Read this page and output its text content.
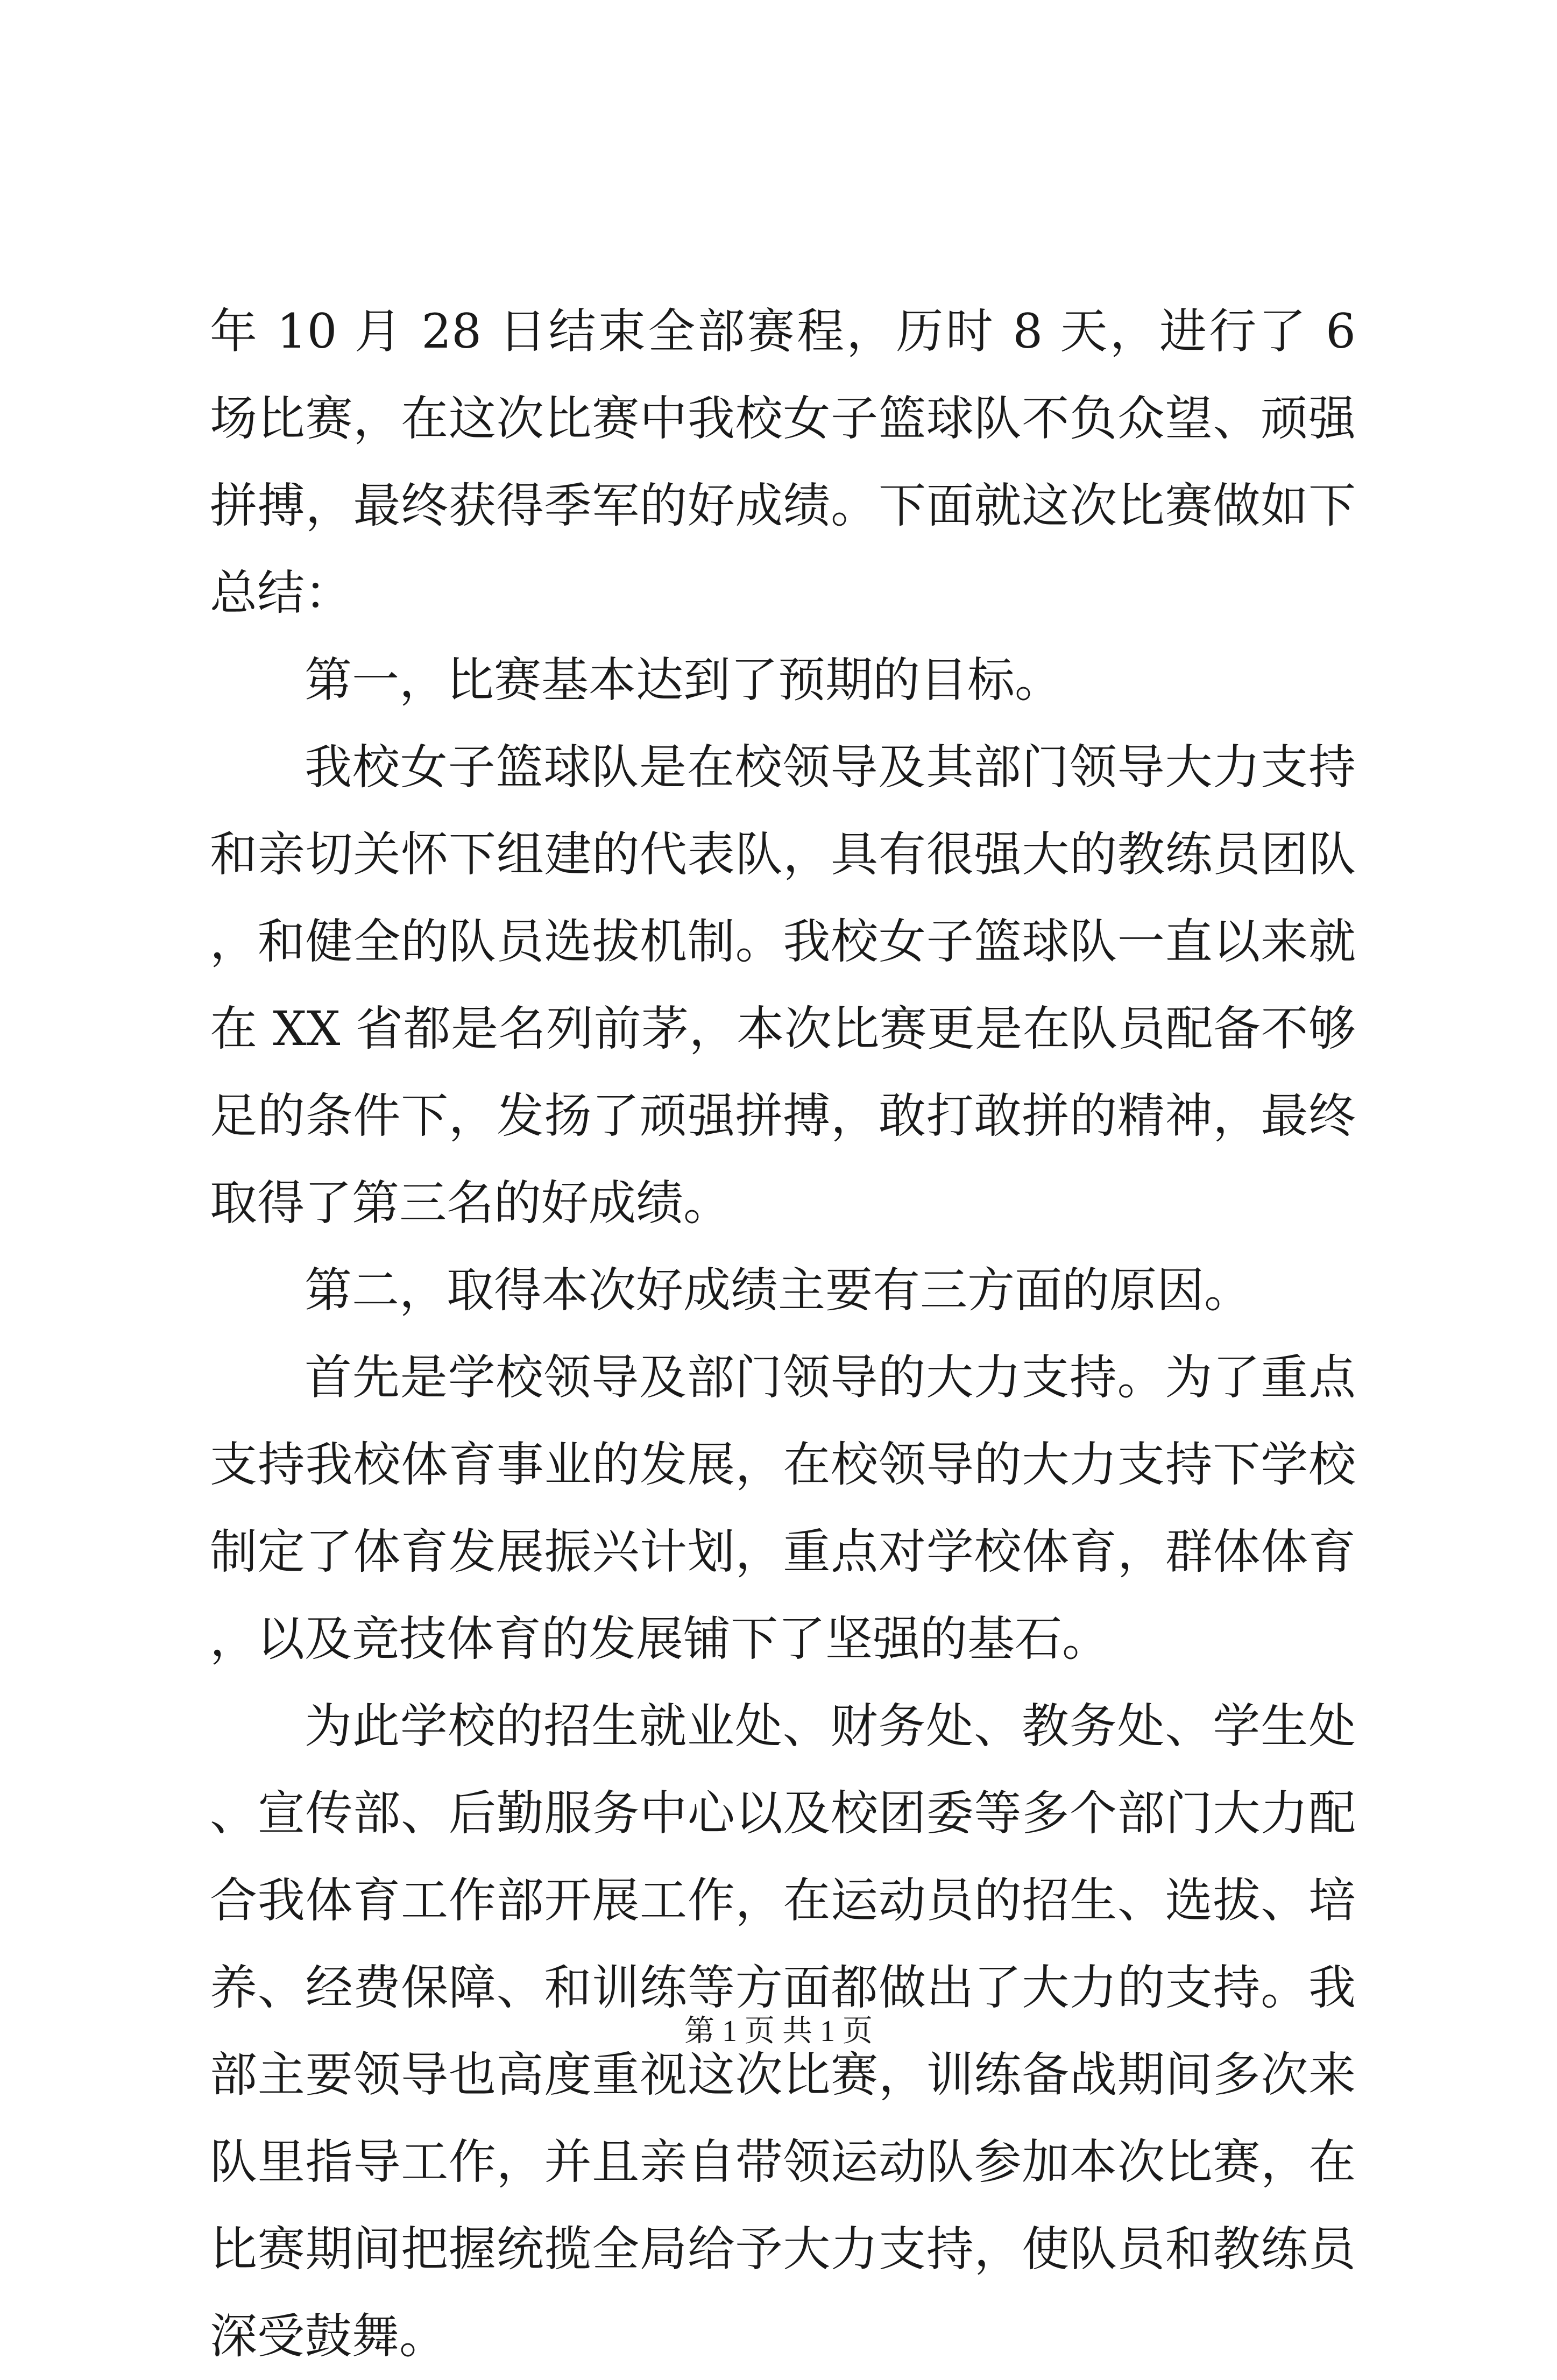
年 10 月 28 日结束全部赛程，历时 8 天，进行了 6 场比赛，在这次比赛中我校女子篮球队不负众望、顽强拼搏，最终获得季军的好成绩。下面就这次比赛做如下总结：

第一，比赛基本达到了预期的目标。

我校女子篮球队是在校领导及其部门领导大力支持和亲切关怀下组建的代表队，具有很强大的教练员团队，和健全的队员选拔机制。我校女子篮球队一直以来就在 XX 省都是名列前茅，本次比赛更是在队员配备不够足的条件下，发扬了顽强拼搏，敢打敢拼的精神，最终取得了第三名的好成绩。

第二，取得本次好成绩主要有三方面的原因。

首先是学校领导及部门领导的大力支持。为了重点支持我校体育事业的发展，在校领导的大力支持下学校制定了体育发展振兴计划，重点对学校体育，群体体育，以及竞技体育的发展铺下了坚强的基石。

为此学校的招生就业处、财务处、教务处、学生处、宣传部、后勤服务中心以及校团委等多个部门大力配合我体育工作部开展工作，在运动员的招生、选拔、培养、经费保障、和训练等方面都做出了大力的支持。我部主要领导也高度重视这次比赛，训练备战期间多次来队里指导工作，并且亲自带领运动队参加本次比赛，在比赛期间把握统揽全局给予大力支持，使队员和教练员深受鼓舞。

第 1 页 共 1 页
